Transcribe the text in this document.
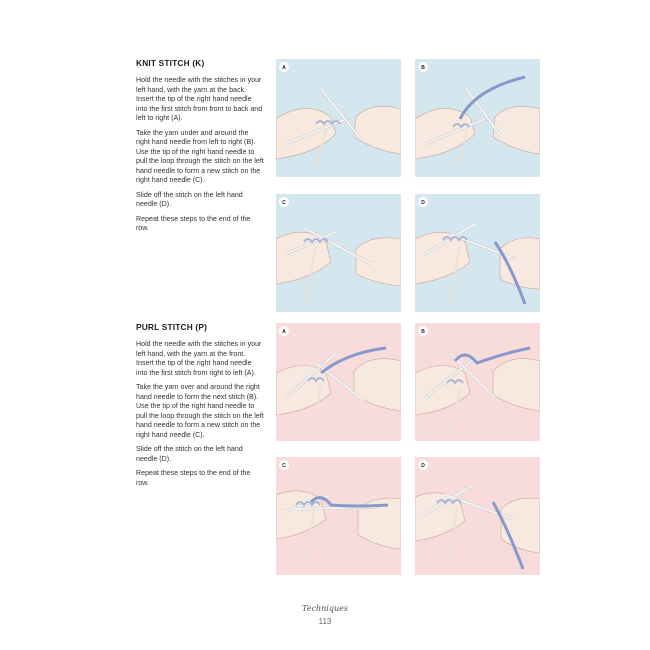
KNIT STITCH (K)

Hold the needle with the stitches in your left hand, with the yarn at the back. Insert the tip of the right hand needle into the first stitch from front to back and left to right (A).

Take the yarn under and around the right hand needle from left to right (B). Use the tip of the right hand needle to pull the loop through the stitch on the left hand needle to form a new stitch on the right hand needle (C).

Slide off the stitch on the left hand needle (D).

Repeat these steps to the end of the row.

PURL STITCH (P)

Hold the needle with the stitches in your left hand, with the yarn at the front. Insert the tip of the right hand needle into the first stitch from right to left (A).

Take the yarn over and around the right hand needle to form the next stitch (B). Use the tip of the right hand needle to pull the loop through the stitch on the left hand needle to form a new stitch on the right hand needle (C).

Slide off the stitch on the left hand needle (D).

Repeat these steps to the end of the row.

A	B
C	D
A	B
C	D
Techniques
113
